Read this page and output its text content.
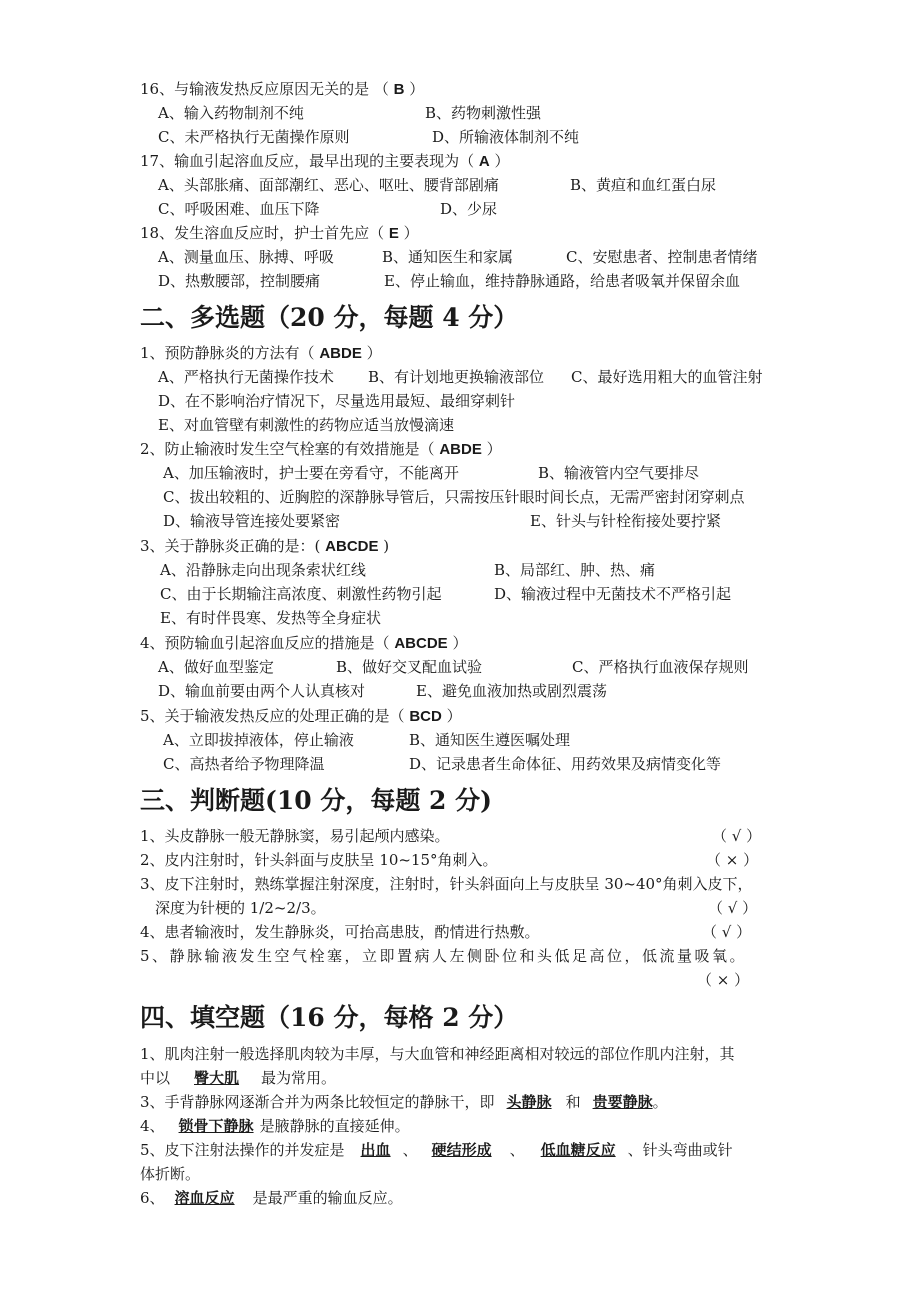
16、与输液发热反应原因无关的是 （ B ）
A、输入药物制剂不纯	B、药物刺激性强
C、未严格执行无菌操作原则	D、所输液体制剂不纯
17、输血引起溶血反应，最早出现的主要表现为（ A ）
A、头部胀痛、面部潮红、恶心、呕吐、腰背部剧痛	B、黄疸和血红蛋白尿
C、呼吸困难、血压下降	D、少尿
18、发生溶血反应时，护士首先应（ E ）
A、测量血压、脉搏、呼吸	B、通知医生和家属	C、安慰患者、控制患者情绪
D、热敷腰部，控制腰痛	E、停止输血，维持静脉通路，给患者吸氧并保留余血
二、多选题（20 分，每题 4 分）
1、预防静脉炎的方法有（ ABDE ）
A、严格执行无菌操作技术 B、有计划地更换输液部位 C、最好选用粗大的血管注射
D、在不影响治疗情况下，尽量选用最短、最细穿刺针
E、对血管壁有刺激性的药物应适当放慢滴速
2、防止输液时发生空气栓塞的有效措施是（ ABDE ）
A、加压输液时，护士要在旁看守，不能离开	B、输液管内空气要排尽
C、拔出较粗的、近胸腔的深静脉导管后，只需按压针眼时间长点，无需严密封闭穿刺点
D、输液导管连接处要紧密	E、针头与针栓衔接处要拧紧
3、关于静脉炎正确的是：( ABCDE )
A、沿静脉走向出现条索状红线	B、局部红、肿、热、痛
C、由于长期输注高浓度、刺激性药物引起	D、输液过程中无菌技术不严格引起
E、有时伴畏寒、发热等全身症状
4、预防输血引起溶血反应的措施是（ ABCDE ）
A、做好血型鉴定	B、做好交叉配血试验	C、严格执行血液保存规则
D、输血前要由两个人认真核对	E、避免血液加热或剧烈震荡
5、关于输液发热反应的处理正确的是（ BCD ）
A、立即拔掉液体，停止输液	B、通知医生遵医嘱处理
C、高热者给予物理降温	D、记录患者生命体征、用药效果及病情变化等
三、判断题(10 分，每题 2 分)
1、头皮静脉一般无静脉窦，易引起颅内感染。	（ √ ）
2、皮内注射时，针头斜面与皮肤呈 10~15°角刺入。	（ × ）
3、皮下注射时，熟练掌握注射深度，注射时，针头斜面向上与皮肤呈 30~40°角刺入皮下，
深度为针梗的 1/2~2/3。	（ √ ）
4、患者输液时，发生静脉炎，可抬高患肢，酌情进行热敷。	（ √ ）
5、静脉输液发生空气栓塞，立即置病人左侧卧位和头低足高位，低流量吸氧。
（ × ）
四、填空题（16 分，每格 2 分）
1、肌肉注射一般选择肌肉较为丰厚，与大血管和神经距离相对较远的部位作肌内注射，其
中以 臀大肌 最为常用。
3、手背静脉网逐渐合并为两条比较恒定的静脉干，即 头静脉 和 贵要静脉。
4、 锁骨下静脉 是腋静脉的直接延伸。
5、皮下注射法操作的并发症是 出血 、 硬结形成 、 低血糖反应 、针头弯曲或针
体折断。
6、 溶血反应 是最严重的输血反应。
